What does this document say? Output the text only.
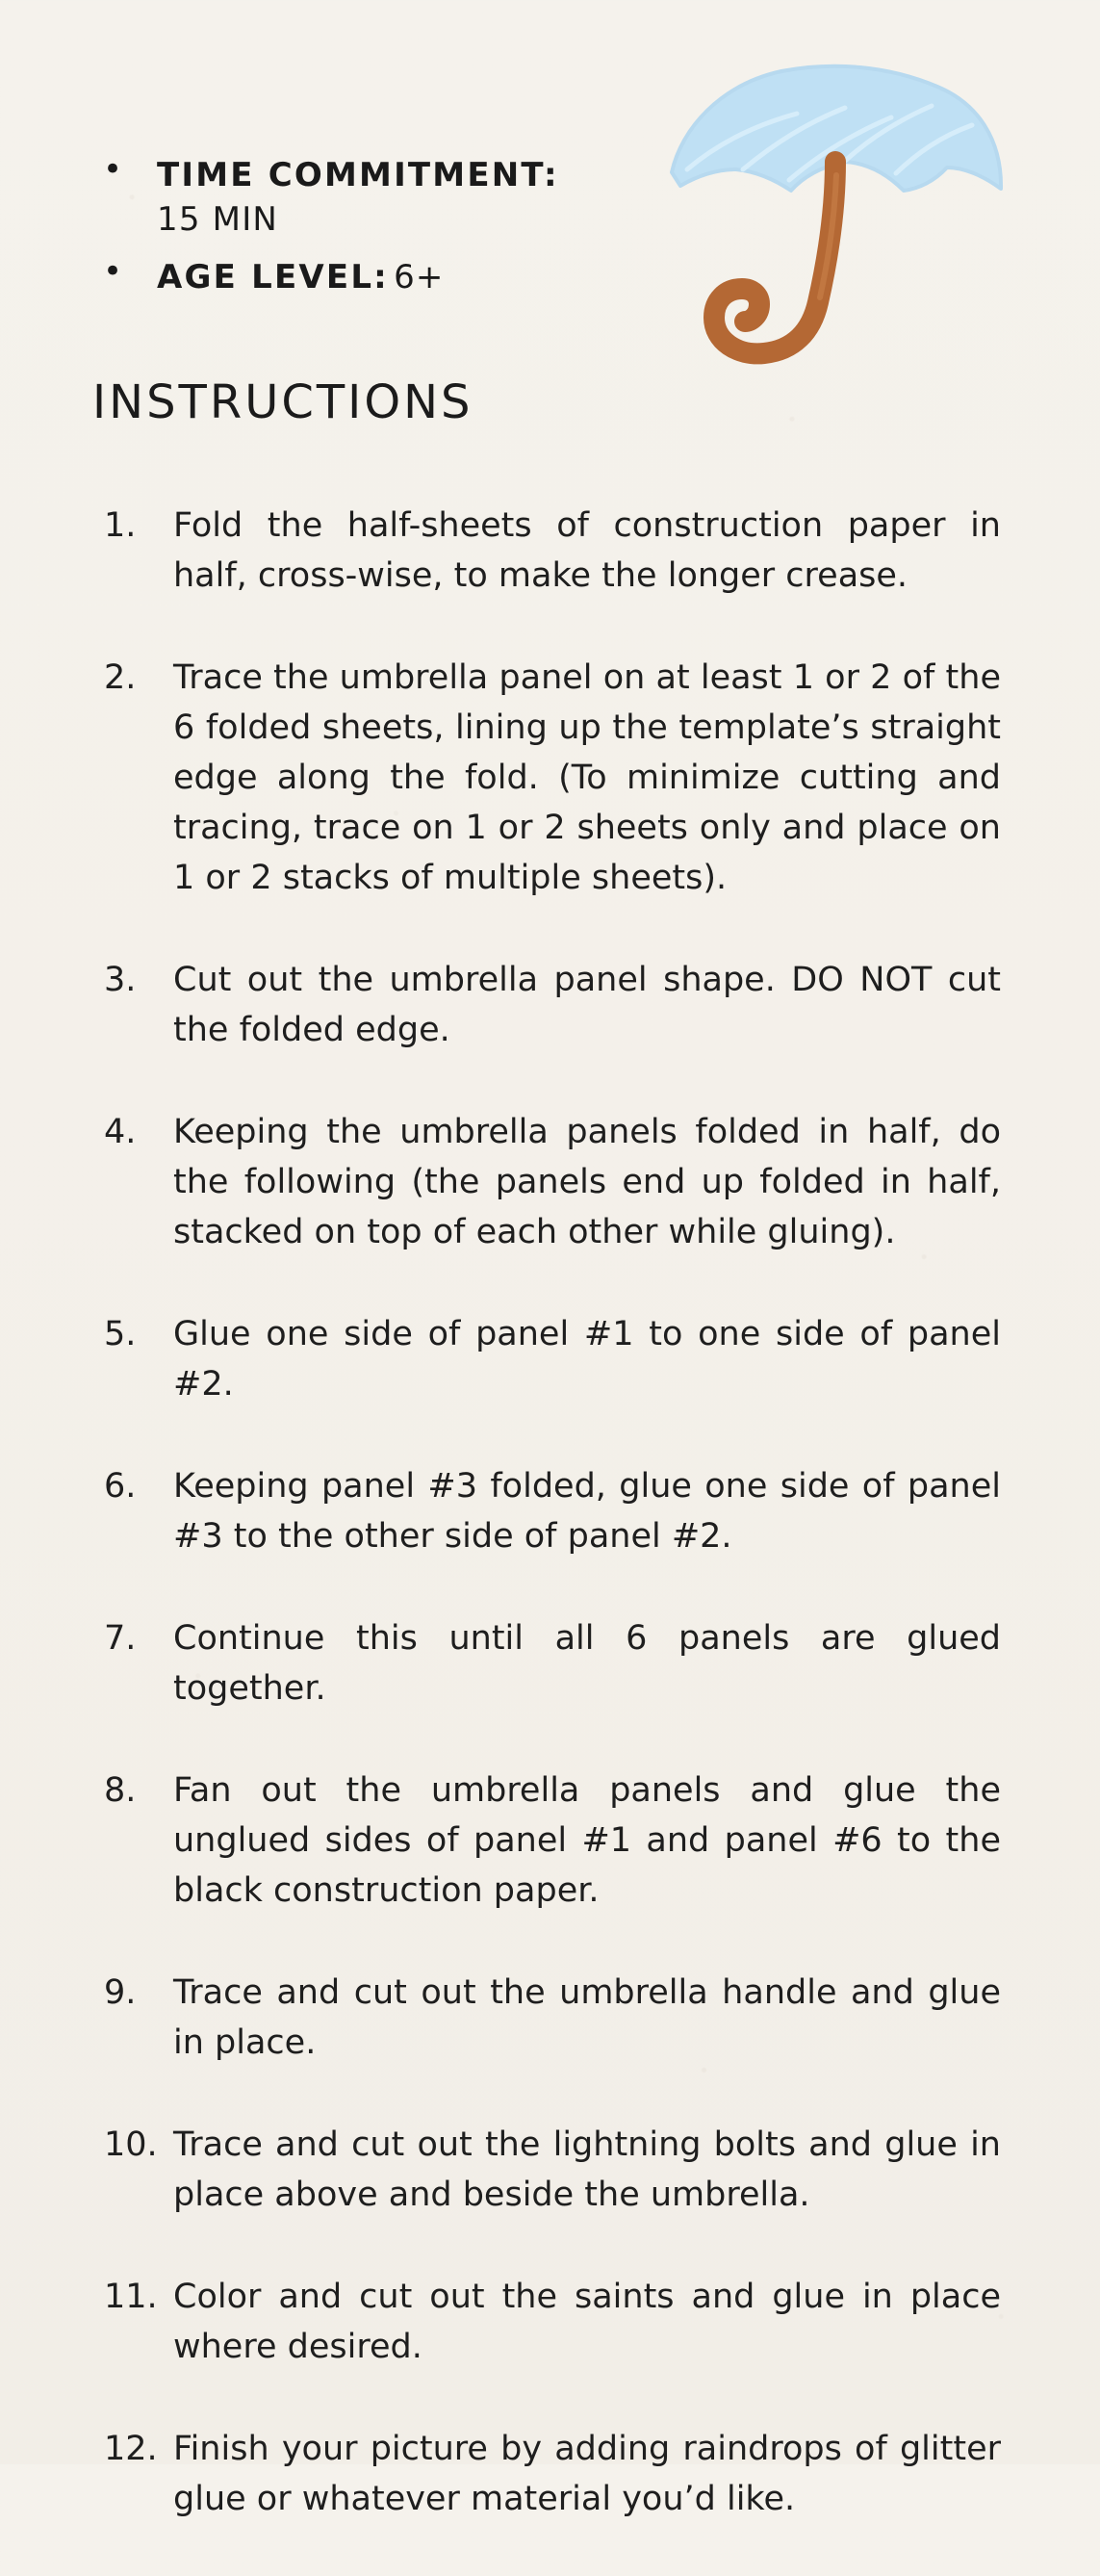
• TIME COMMITMENT:
15 MIN
• AGE LEVEL: 6+
INSTRUCTIONS
1.	Fold the half-sheets of construction paper in half, cross-wise, to make the longer crease.
2.	Trace the umbrella panel on at least 1 or 2 of the 6 folded sheets, lining up the template’s straight edge along the fold. (To minimize cutting and tracing, trace on 1 or 2 sheets only and place on 1 or 2 stacks of multiple sheets).
3.	Cut out the umbrella panel shape. DO NOT cut the folded edge.
4.	Keeping the umbrella panels folded in half, do the following (the panels end up folded in half, stacked on top of each other while gluing).
5.	Glue one side of panel #1 to one side of panel #2.
6.	Keeping panel #3 folded, glue one side of panel #3 to the other side of panel #2.
7.	Continue this until all 6 panels are glued together.
8.	Fan out the umbrella panels and glue the unglued sides of panel #1 and panel #6 to the black construction paper.
9.	Trace and cut out the umbrella handle and glue in place.
10. Trace and cut out the lightning bolts and glue in place above and beside the umbrella.
11. Color and cut out the saints and glue in place where desired.
12. Finish your picture by adding raindrops of glitter glue or whatever material you’d like.
